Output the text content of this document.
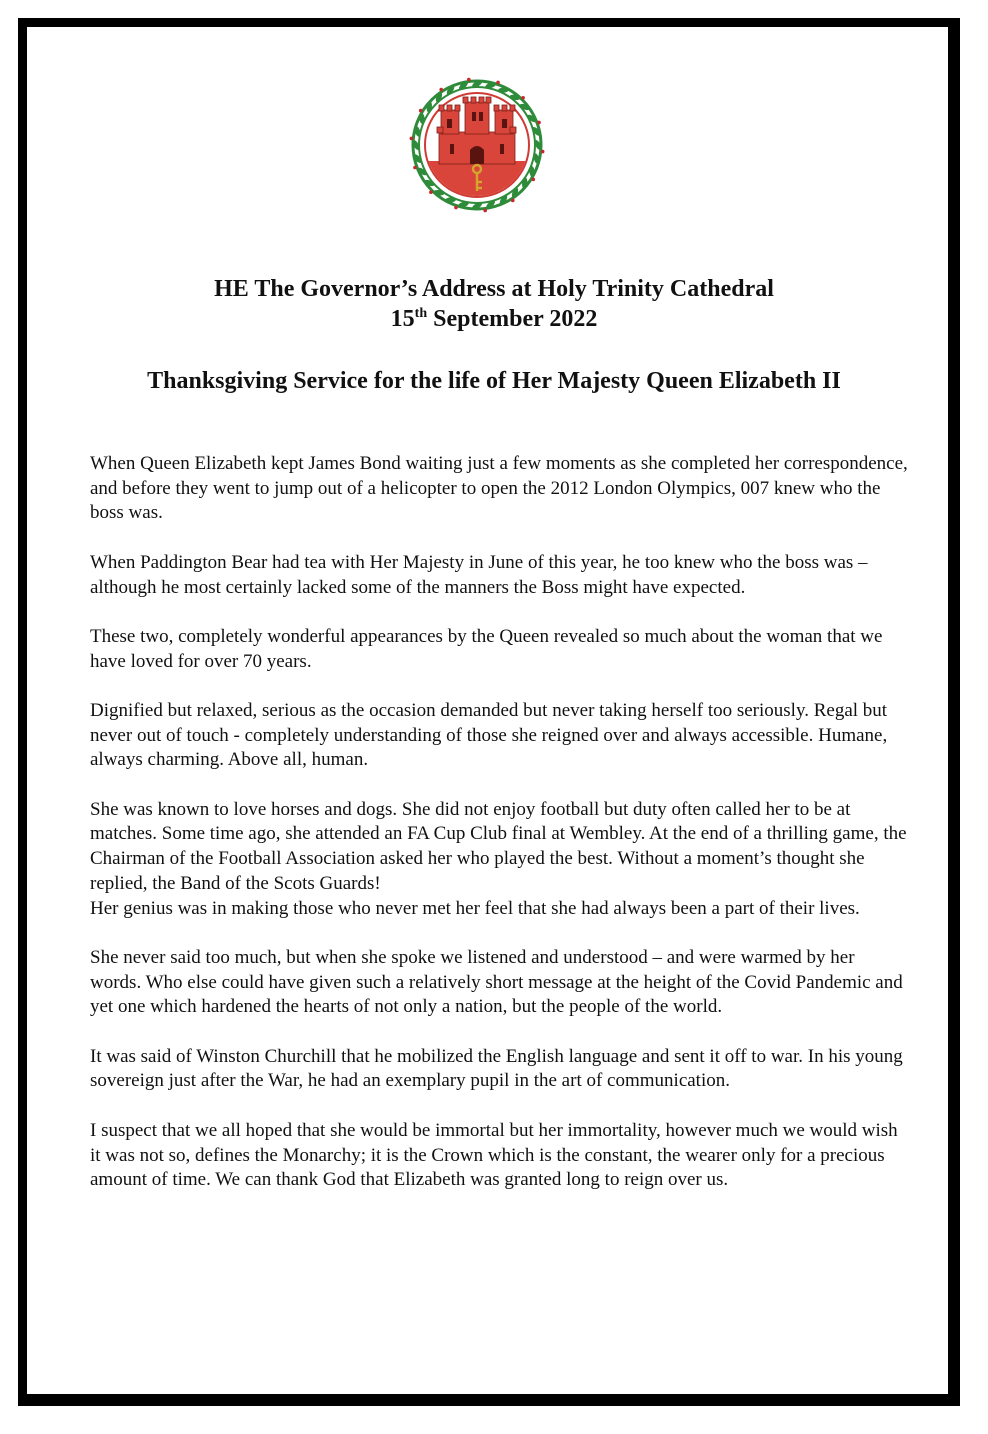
HE The Governor’s Address at Holy Trinity Cathedral

15th September 2022

Thanksgiving Service for the life of Her Majesty Queen Elizabeth II

When Queen Elizabeth kept James Bond waiting just a few moments as she completed her correspondence, and before they went to jump out of a helicopter to open the 2012 London Olympics, 007 knew who the boss was.

When Paddington Bear had tea with Her Majesty in June of this year, he too knew who the boss was – although he most certainly lacked some of the manners the Boss might have expected.

These two, completely wonderful appearances by the Queen revealed so much about the woman that we have loved for over 70 years.

Dignified but relaxed, serious as the occasion demanded but never taking herself too seriously. Regal but never out of touch - completely understanding of those she reigned over and always accessible. Humane, always charming. Above all, human.

She was known to love horses and dogs. She did not enjoy football but duty often called her to be at matches. Some time ago, she attended an FA Cup Club final at Wembley. At the end of a thrilling game, the Chairman of the Football Association asked her who played the best. Without a moment’s thought she replied, the Band of the Scots Guards!

Her genius was in making those who never met her feel that she had always been a part of their lives.

She never said too much, but when she spoke we listened and understood – and were warmed by her words. Who else could have given such a relatively short message at the height of the Covid Pandemic and yet one which hardened the hearts of not only a nation, but the people of the world.

It was said of Winston Churchill that he mobilized the English language and sent it off to war. In his young sovereign just after the War, he had an exemplary pupil in the art of communication.

I suspect that we all hoped that she would be immortal but her immortality, however much we would wish it was not so, defines the Monarchy; it is the Crown which is the constant, the wearer only for a precious amount of time. We can thank God that Elizabeth was granted long to reign over us.
